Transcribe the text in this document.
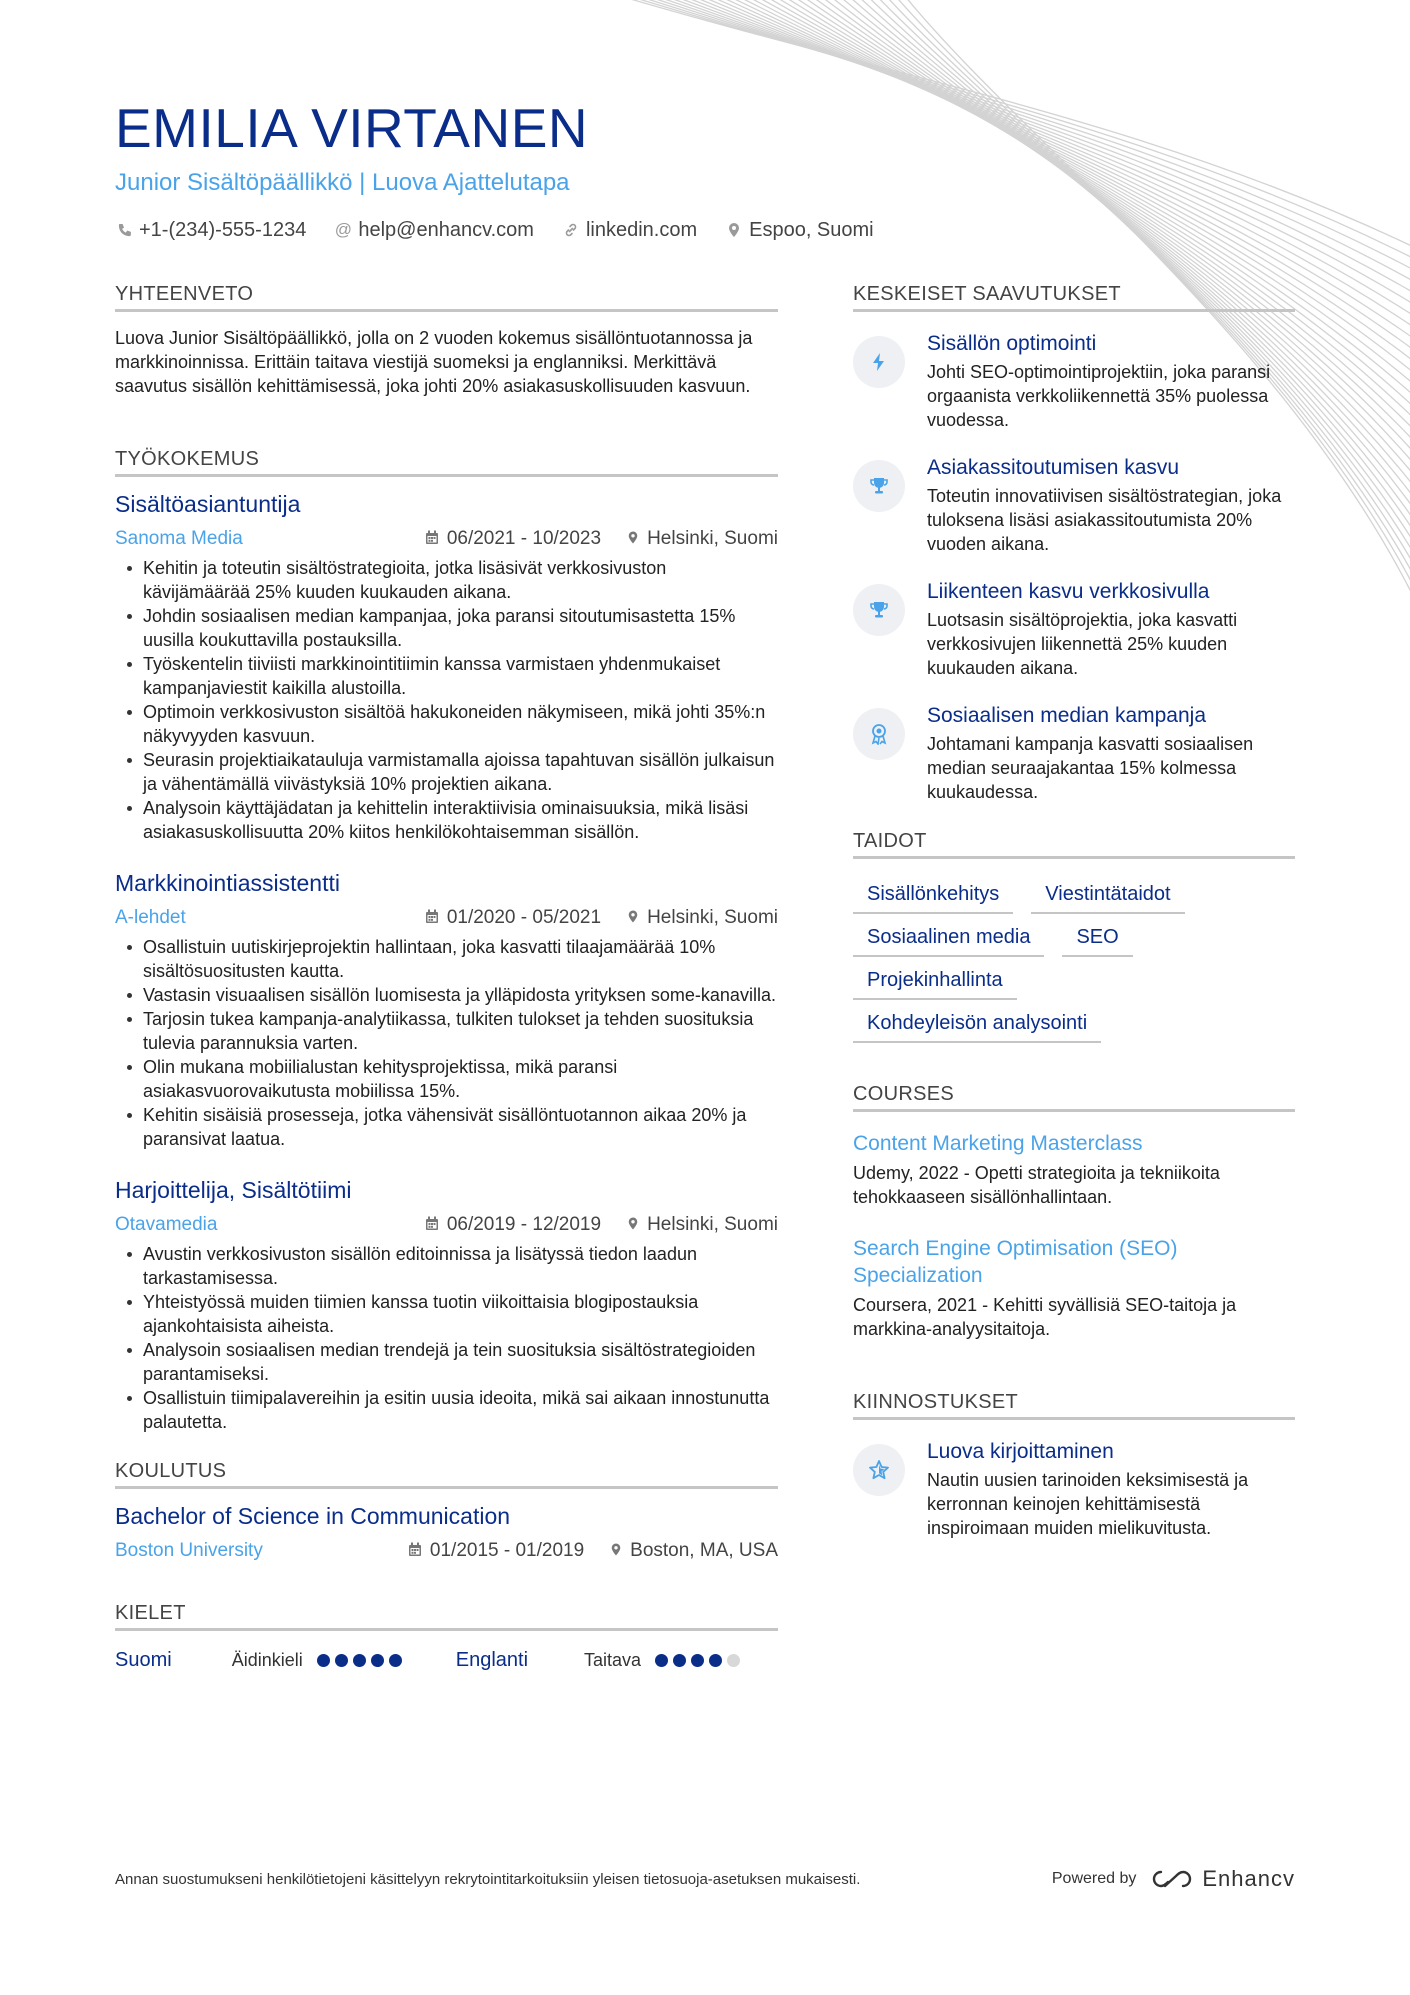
EMILIA VIRTANEN
Junior Sisältöpäällikkö | Luova Ajattelutapa
+1-(234)-555-1234 @ help@enhancv.com	linkedin.com	Espoo, Suomi
YHTEENVETO

Luova Junior Sisältöpäällikkö, jolla on 2 vuoden kokemus sisällöntuotannossa ja markkinoinnissa. Erittäin taitava viestijä suomeksi ja englanniksi. Merkittävä saavutus sisällön kehittämisessä, joka johti 20% asiakasuskollisuuden kasvuun.

TYÖKOKEMUS
Sisältöasiantuntija
Sanoma Media	06/2021 - 10/2023 Helsinki, Suomi
Kehitin ja toteutin sisältöstrategioita, jotka lisäsivät verkkosivuston kävijämäärää 25% kuuden kuukauden aikana.
Johdin sosiaalisen median kampanjaa, joka paransi sitoutumisastetta 15% uusilla koukuttavilla postauksilla.
Työskentelin tiiviisti markkinointitiimin kanssa varmistaen yhdenmukaiset kampanjaviestit kaikilla alustoilla.
Optimoin verkkosivuston sisältöä hakukoneiden näkymiseen, mikä johti 35%:n näkyvyyden kasvuun.
Seurasin projektiaikatauluja varmistamalla ajoissa tapahtuvan sisällön julkaisun ja vähentämällä viivästyksiä 10% projektien aikana.
Analysoin käyttäjädatan ja kehittelin interaktiivisia ominaisuuksia, mikä lisäsi asiakasuskollisuutta 20% kiitos henkilökohtaisemman sisällön.
Markkinointiassistentti
A-lehdet	01/2020 - 05/2021 Helsinki, Suomi
Osallistuin uutiskirjeprojektin hallintaan, joka kasvatti tilaajamäärää 10% sisältösuositusten kautta.
Vastasin visuaalisen sisällön luomisesta ja ylläpidosta yrityksen some-kanavilla.
Tarjosin tukea kampanja-analytiikassa, tulkiten tulokset ja tehden suosituksia tulevia parannuksia varten.
Olin mukana mobiilialustan kehitysprojektissa, mikä paransi asiakasvuorovaikutusta mobiilissa 15%.
Kehitin sisäisiä prosesseja, jotka vähensivät sisällöntuotannon aikaa 20% ja paransivat laatua.
Harjoittelija, Sisältötiimi
Otavamedia	06/2019 - 12/2019 Helsinki, Suomi
Avustin verkkosivuston sisällön editoinnissa ja lisätyssä tiedon laadun tarkastamisessa.
Yhteistyössä muiden tiimien kanssa tuotin viikoittaisia blogipostauksia ajankohtaisista aiheista.
Analysoin sosiaalisen median trendejä ja tein suosituksia sisältöstrategioiden parantamiseksi.
Osallistuin tiimipalavereihin ja esitin uusia ideoita, mikä sai aikaan innostunutta palautetta.
KOULUTUS
Bachelor of Science in Communication
Boston University	01/2015 - 01/2019 Boston, MA, USA
KIELET
Suomi	Äidinkieli	Englanti	Taitava
KESKEISET SAAVUTUKSET
Sisällön optimointi
Johti SEO-optimointiprojektiin, joka paransi orgaanista verkkoliikennettä 35% puolessa vuodessa.
Asiakassitoutumisen kasvu
Toteutin innovatiivisen sisältöstrategian, joka tuloksena lisäsi asiakassitoutumista 20% vuoden aikana.
Liikenteen kasvu verkkosivulla
Luotsasin sisältöprojektia, joka kasvatti verkkosivujen liikennettä 25% kuuden kuukauden aikana.
Sosiaalisen median kampanja
Johtamani kampanja kasvatti sosiaalisen median seuraajakantaa 15% kolmessa kuukaudessa.
TAIDOT
Sisällönkehitys	Viestintätaidot
Sosiaalinen media	SEO
Projekinhallinta
Kohdeyleisön analysointi
COURSES
Content Marketing Masterclass
Udemy, 2022 - Opetti strategioita ja tekniikoita tehokkaaseen sisällönhallintaan.
Search Engine Optimisation (SEO) Specialization
Coursera, 2021 - Kehitti syvällisiä SEO-taitoja ja markkina-analyysitaitoja.
KIINNOSTUKSET
Luova kirjoittaminen
Nautin uusien tarinoiden keksimisestä ja kerronnan keinojen kehittämisestä inspiroimaan muiden mielikuvitusta.
Annan suostumukseni henkilötietojeni käsittelyyn rekrytointitarkoituksiin yleisen tietosuoja-asetuksen mukaisesti.	Powered by	Enhancv
